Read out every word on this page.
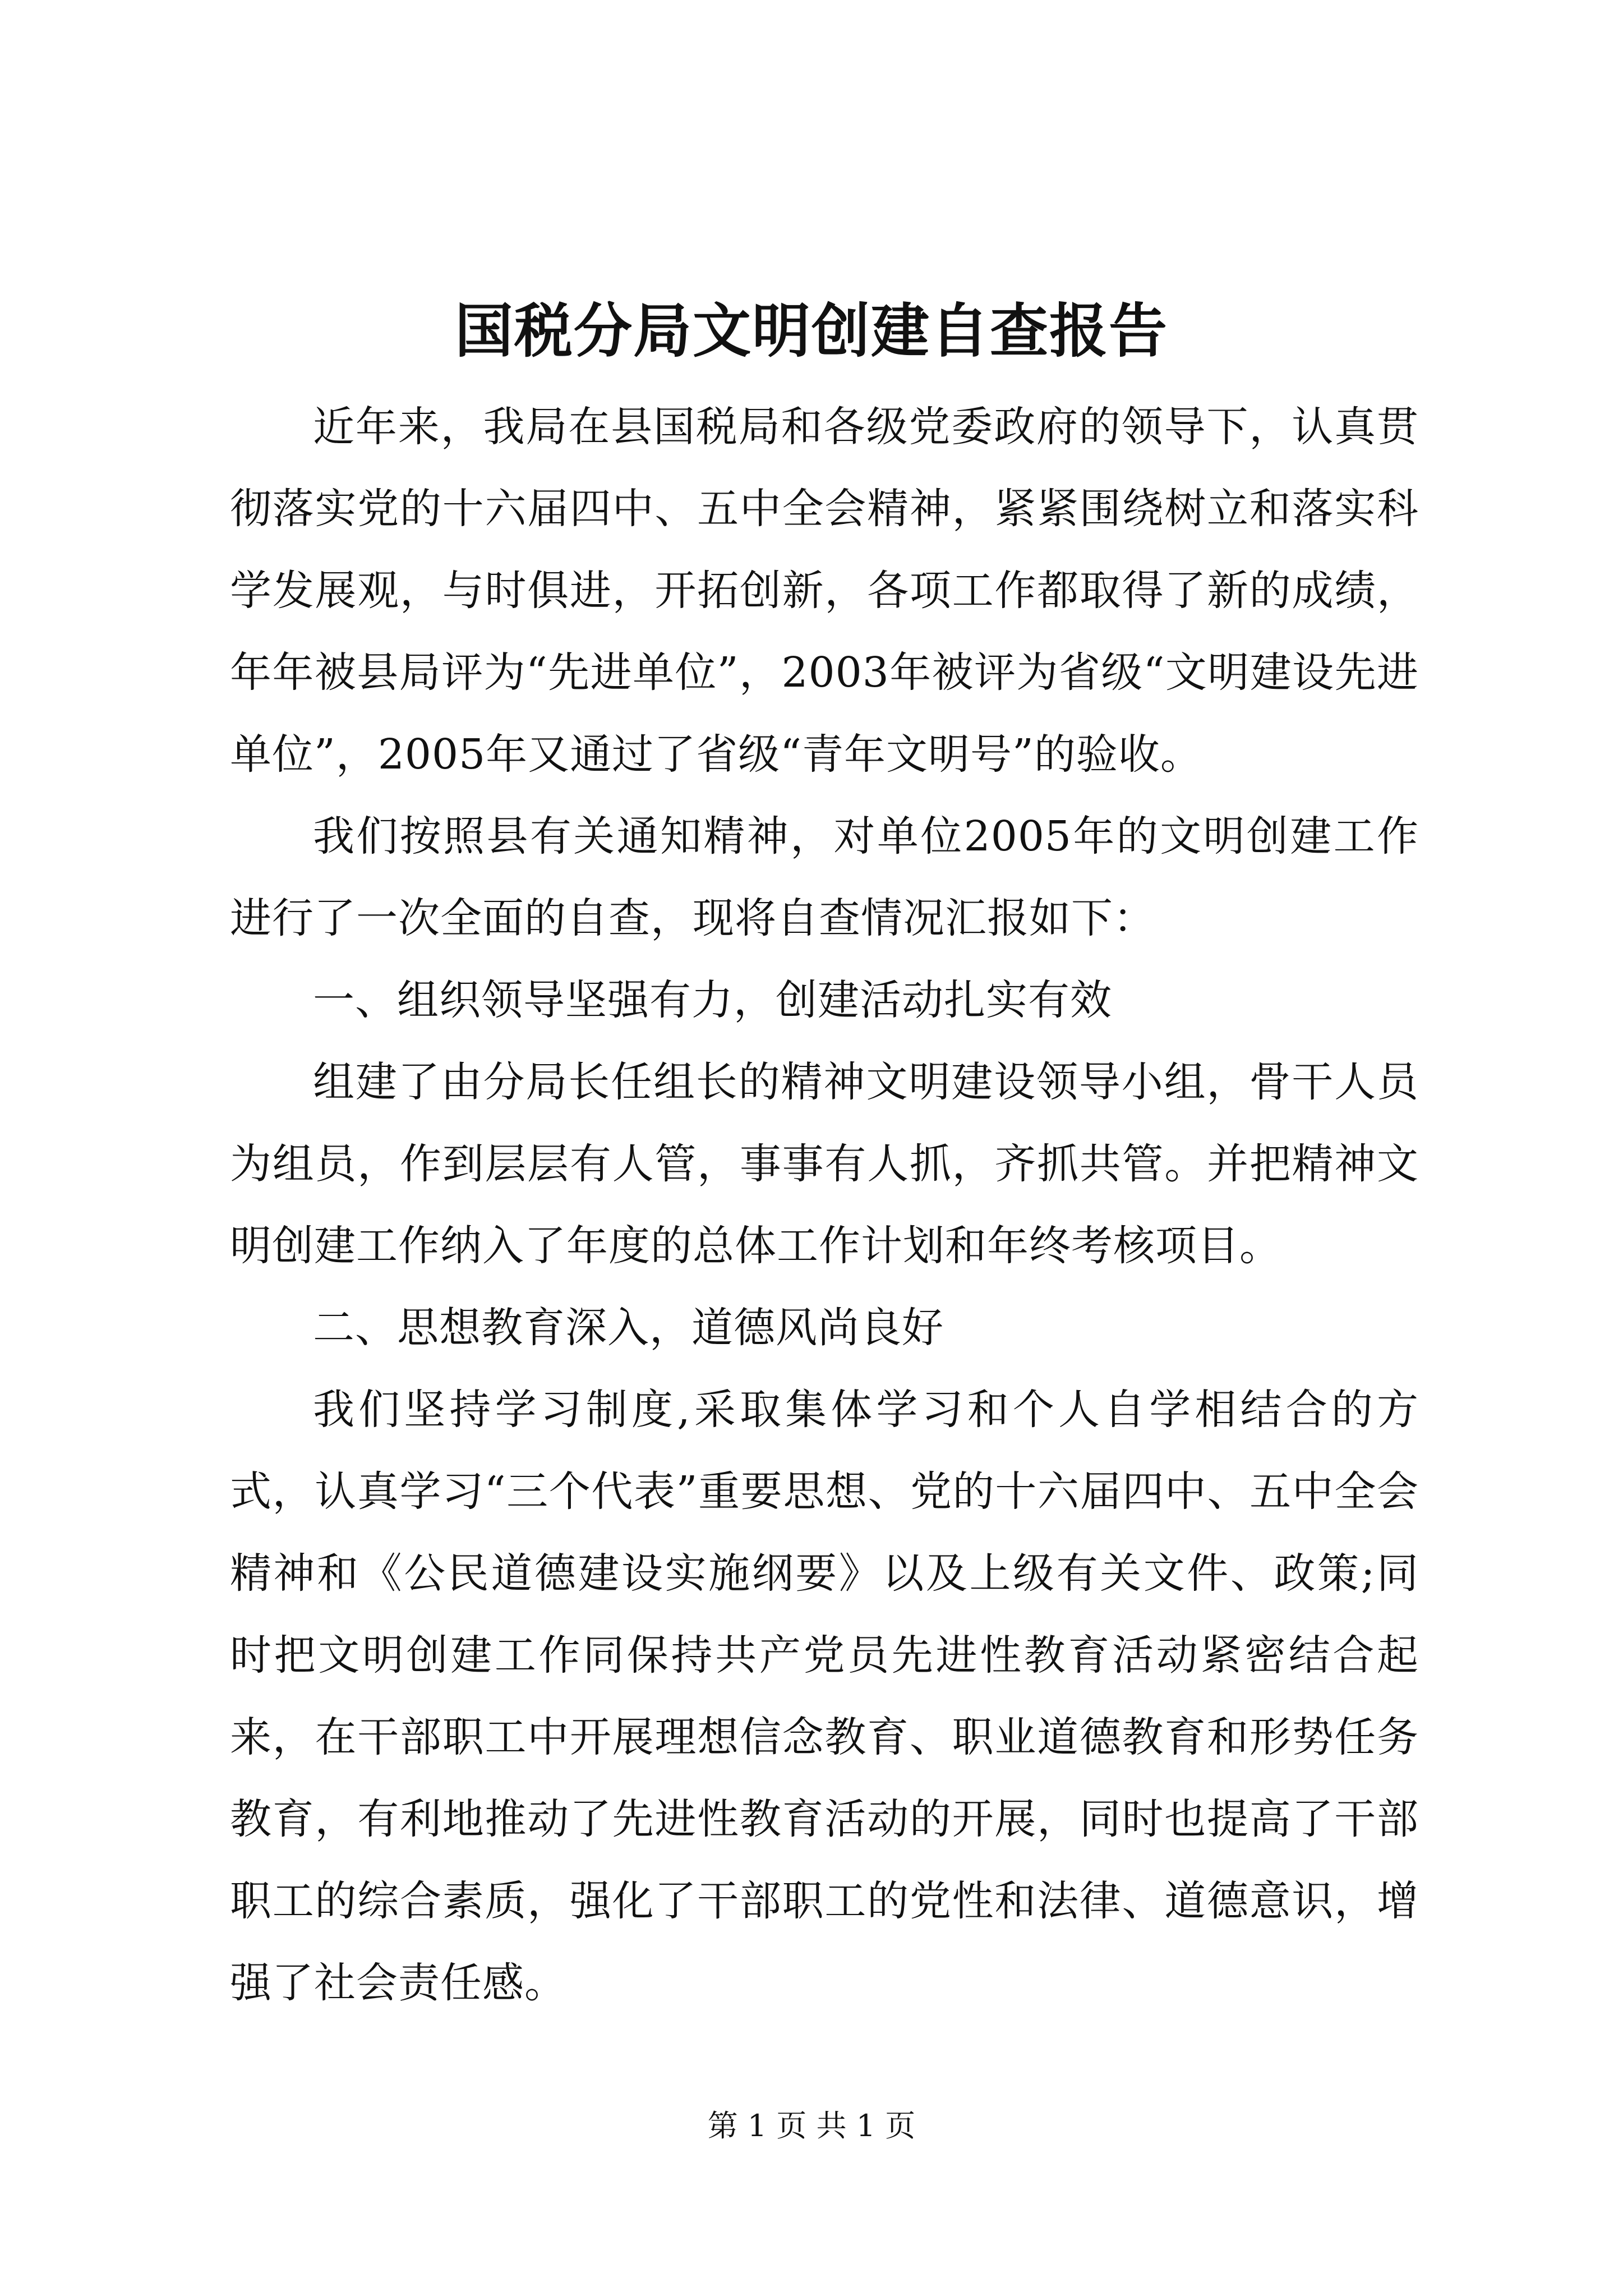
国税分局文明创建自查报告

近年来，我局在县国税局和各级党委政府的领导下，认真贯彻落实党的十六届四中、五中全会精神，紧紧围绕树立和落实科学发展观，与时俱进，开拓创新，各项工作都取得了新的成绩，年年被县局评为“先进单位”，2003年被评为省级“文明建设先进单位”，2005年又通过了省级“青年文明号”的验收。

我们按照县有关通知精神，对单位2005年的文明创建工作进行了一次全面的自查，现将自查情况汇报如下：

一、组织领导坚强有力，创建活动扎实有效

组建了由分局长任组长的精神文明建设领导小组，骨干人员为组员，作到层层有人管，事事有人抓，齐抓共管。并把精神文明创建工作纳入了年度的总体工作计划和年终考核项目。

二、思想教育深入，道德风尚良好

我们坚持学习制度,采取集体学习和个人自学相结合的方式，认真学习“三个代表”重要思想、党的十六届四中、五中全会精神和《公民道德建设实施纲要》以及上级有关文件、政策;同时把文明创建工作同保持共产党员先进性教育活动紧密结合起来，在干部职工中开展理想信念教育、职业道德教育和形势任务教育，有利地推动了先进性教育活动的开展，同时也提高了干部职工的综合素质，强化了干部职工的党性和法律、道德意识，增强了社会责任感。

第 1 页 共 1 页
